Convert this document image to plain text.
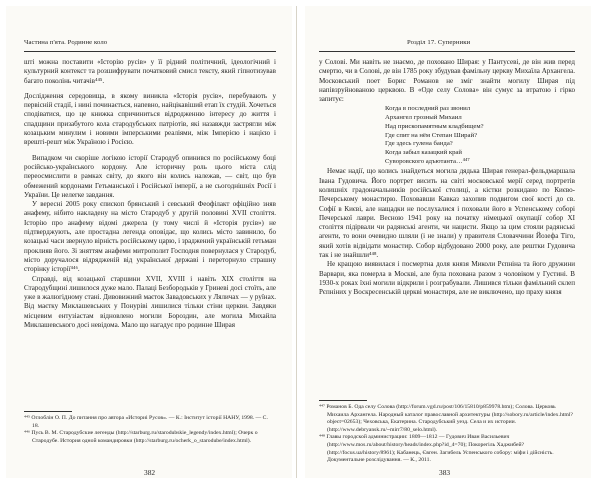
Частина п'ята. Родинне коло

штi можна поставити «Історію русів» у її рідний політичний, ідеологічний і культурний контекст та розшифрувати початковий смисл тексту, який гіпнотизував багато поколінь читачів⁴⁴⁵.

Дослідження середовища, в якому виникла «Історія русів», перебувають у первісній стадії, і нині починається, напевно, найцікавіший етап їх студій. Хочеться сподіватися, що це книжка спричиниться відродженню інтересу до життя і спадщини призабутого кола стародубських патріотів, які назавжди застрягли між козацьким минулим і новими імперськими реаліями, між Імперією і нацією і врешті-решт між Україною і Росією.

Випадком чи скоріше логікою історії Стародуб опинився по російському боці російсько-українського кордону. Але історичну роль цього міста слід переосмислити в рамках світу, до якого він колись належав, — світ, що був обмежений кордонами Гетьманської і Російської імперії, а не сьогоднішніх Росії і України. Це нелегке завдання.

У вересні 2005 року єпископ брянський і севський Феофілакт офіційно зняв анафему, нібито накладену на місто Стародуб у другій половині XVII століття. Історію про анафему відомі джерела (у тому числі й «Історія русів») не підтверджують, але простадна легенда оповідає, що колись місто завинило, бо козацькі часи звернуло вірність російському царю, і зраджений українській гетьман проклияв його. Зі зняттям анафеми митрополит Господня повернулася у Стародуб, місто доручалося відрядженій від української державі і переторнуло страшну сторінку історії⁴⁴⁶.

Справді, від козацької старшини XVII, XVIII і навіть XIX століття на Стародубщині лишилося дуже мало. Палаці Безбородьків у Гриневі досі стоїть, але уже в жалюгідному стані. Дивовижний маєток Завадовських у Ляличах — у руїнах. Від маєтку Миклашевських у Понуріві лишилися тільки стіни церкви. Завдяки місцевим ентузіастам відновлено могили Бороздин, але могила Михайла Миклашевського досі невідома. Мало що нагадує про родинне Ширая

⁴⁴⁵ Оглоблін О. П. До питання про автора «Историі Русов». — К.: Інститут історії НАНУ, 1998. — С. 18.

⁴⁴⁶ Пусь В. М. Стародубские легенды (http://starburg.ru/starodubskie_legendy/index.html); Очерк о Стародубе. История одной командировки (http://starburg.ru/ocherk_o_starodube/index.html).

382
Розділ 17. Суперники

у Солові. Ми навіть не знаємо, де поховано Ширая: у Пантусеві, де він жив перед смертю, чи в Солові, де він 1785 року збудував фамільну церкву Михаїла Архангела. Московський поет Борис Романов не зміг знайти могилу Ширая під напівзруйнованою церквою. В «Оде селу Солова» він сумує за втратою і гірко запитує:

Когда в последний раз звонил
Архангел грозный Михаил
Над прископамятным кладбищем?
Где спит на нём Степан Ширай?
Где здесь гулена банда?
Когда забыл казацкий край
Суворовского адъютанта…⁴⁴⁷

Немає надії, що колись знайдеться могила дядька Ширая генерал-фельдмаршала Івана Гудовича. Його портрет висить на світі московської мерії серед портретів колишніх градоначальників російської столиці, а кістки розкидано по Києво-Печерському монастирю. Поховавши Кавказ захопив подвигом свої кості до св. Софії в Києві, але нащадки не послухалися і поховали його в Успенському соборі Печерської лаври. Весною 1941 року на початку німецької окупації собор XI століття підірвали чи радянські агенти, чи нацисти. Якщо за цим стояли радянські агенти, то вони очевидно шляли (і не знали) у правителя Словаччини Йозефа Тіго, який хотів відвідати монастир. Собор відбудовано 2000 року, але рештки Гудовича так і не знайшли⁴⁴⁸.

Не кращою виявилася і посмертна доля князя Миколи Рєпніна та його дружини Варвари, яка померла в Москві, але була похована разом з чоловіком у Густині. В 1930-х роках їхні могили відкрили і розграбували. Лишився тільки фамільний склеп Рєпніних у Воскресенській церкві монастиря, але не виключено, що праху князя

⁴⁴⁷ Романов Б. Ода селу Солова (http://forum.vgd.ru/post/106/15810/p859978.htm); Солова. Церковь Михаила Архангела. Народный каталог православной архитектуры (http://sobory.ru/article/index.html?object=02653); Чеховська, Екатерина. Стародубський уезд. Села и их истории. (http://www.debryansk.ru/~mirr7/80_selo.html).

⁴⁴⁸ Главы городской администрации: 1809—1812 — Гудович Иван Васильевич (http://www.mos.ru/about/history/heads/index.php?id_4=70); Покорегіль Хаджибей? (http://focus.ua/history/8961); Кабанець, Євген. Загибель Успенського собору: міфи і дійсність. Документальне розслідування. — К., 2011.

383
